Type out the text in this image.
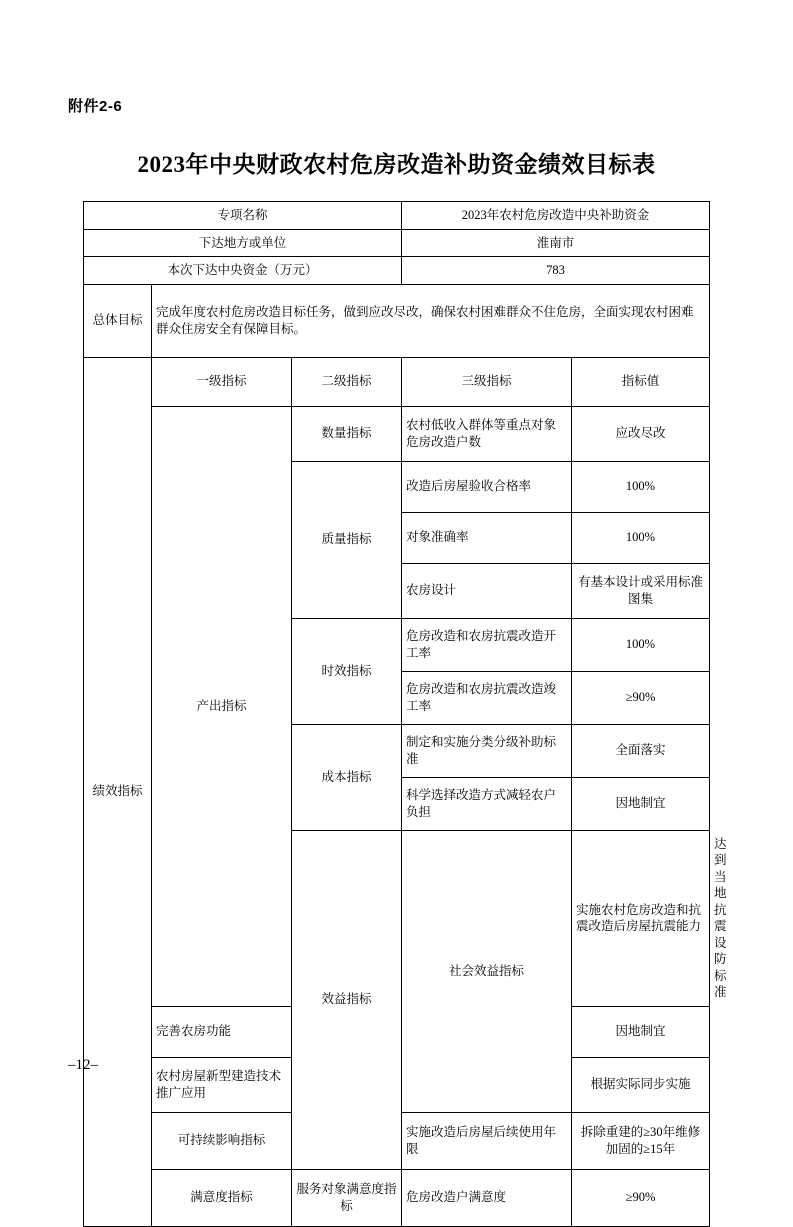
附件2-6
2023年中央财政农村危房改造补助资金绩效目标表
专项名称			2023年农村危房改造中央补助资金		
下达地方或单位			淮南市		
本次下达中央资金（万元）			783		
总体目标	完成年度农村危房改造目标任务，做到应改尽改，确保农村困难群众不住危房，全面实现农村困难群众住房安全有保障目标。				
绩效指标	一级指标	二级指标	三级指标	指标值	
	产出指标	数量指标	农村低收入群体等重点对象危房改造户数	应改尽改	
		质量指标	改造后房屋验收合格率	100%	
			对象准确率	100%	
			农房设计	有基本设计或采用标准图集	
		时效指标	危房改造和农房抗震改造开工率	100%	
			危房改造和农房抗震改造竣工率	≥90%	
		成本指标	制定和实施分类分级补助标准	全面落实	
			科学选择改造方式减轻农户负担	因地制宜	
		效益指标	社会效益指标	实施农村危房改造和抗震改造后房屋抗震能力	达到当地抗震设防标准
	完善农房功能			因地制宜	
	农村房屋新型建造技术推广应用			根据实际同步实施	
	可持续影响指标		实施改造后房屋后续使用年限	拆除重建的≥30年维修加固的≥15年	
	满意度指标	服务对象满意度指标	危房改造户满意度	≥90%	
–12–
